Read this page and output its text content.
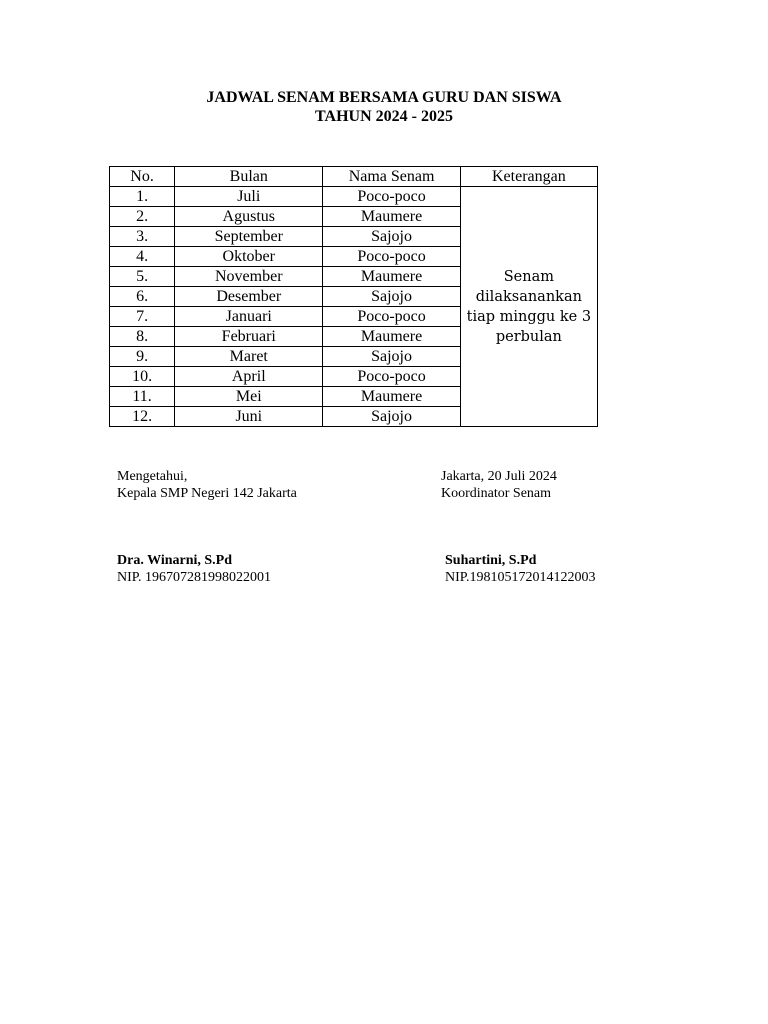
JADWAL SENAM BERSAMA GURU DAN SISWA
TAHUN 2024 - 2025
No.	Bulan	Nama Senam	Keterangan
1.	Juli	Poco-poco	Senam dilaksanankan tiap minggu ke 3 perbulan
2.	Agustus	Maumere	
3.	September	Sajojo	
4.	Oktober	Poco-poco	
5.	November	Maumere	
6.	Desember	Sajojo	
7.	Januari	Poco-poco	
8.	Februari	Maumere	
9.	Maret	Sajojo	
10.	April	Poco-poco	
11.	Mei	Maumere	
12.	Juni	Sajojo	
Mengetahui,
Kepala SMP Negeri 142 Jakarta
Jakarta, 20 Juli 2024
Koordinator Senam
Dra. Winarni, S.Pd
NIP. 196707281998022001
Suhartini, S.Pd
NIP.198105172014122003
